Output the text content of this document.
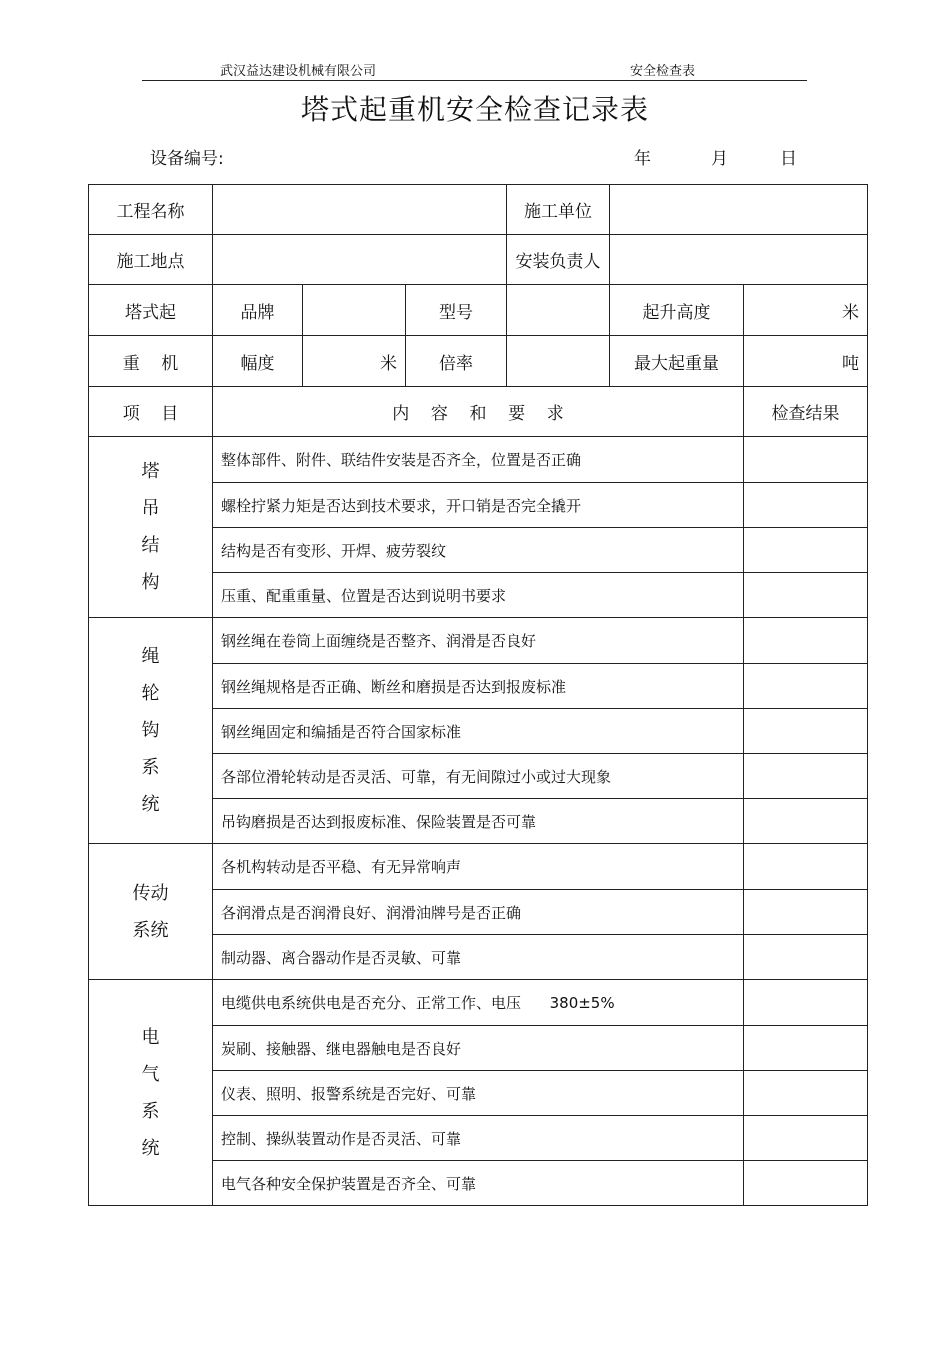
武汉益达建设机械有限公司	安全检查表
塔式起重机安全检查记录表
设备编号:	年	月	日
工程名称				施工单位		
施工地点				安装负责人		
塔式起	品牌		型号		起升高度	米
重    机	幅度	米	倍率		最大起重量	吨
项    目	内    容    和    要    求					检查结果

塔
吊
结
构	整体部件、附件、联结件安装是否齐全，位置是否正确					
	螺栓拧紧力矩是否达到技术要求，开口销是否完全撬开					
	结构是否有变形、开焊、疲劳裂纹					
	压重、配重重量、位置是否达到说明书要求					

绳
轮
钩
系
统	钢丝绳在卷筒上面缠绕是否整齐、润滑是否良好					
	钢丝绳规格是否正确、断丝和磨损是否达到报废标准					
	钢丝绳固定和编插是否符合国家标准					
	各部位滑轮转动是否灵活、可靠，有无间隙过小或过大现象					
	吊钩磨损是否达到报废标准、保险装置是否可靠					

传动
系统	各机构转动是否平稳、有无异常响声					
	各润滑点是否润滑良好、润滑油牌号是否正确					
	制动器、离合器动作是否灵敏、可靠					

电
气
系
统	电缆供电系统供电是否充分、正常工作、电压      380±5%					
	炭刷、接触器、继电器触电是否良好					
	仪表、照明、报警系统是否完好、可靠					
	控制、操纵装置动作是否灵活、可靠					
	电气各种安全保护装置是否齐全、可靠					
